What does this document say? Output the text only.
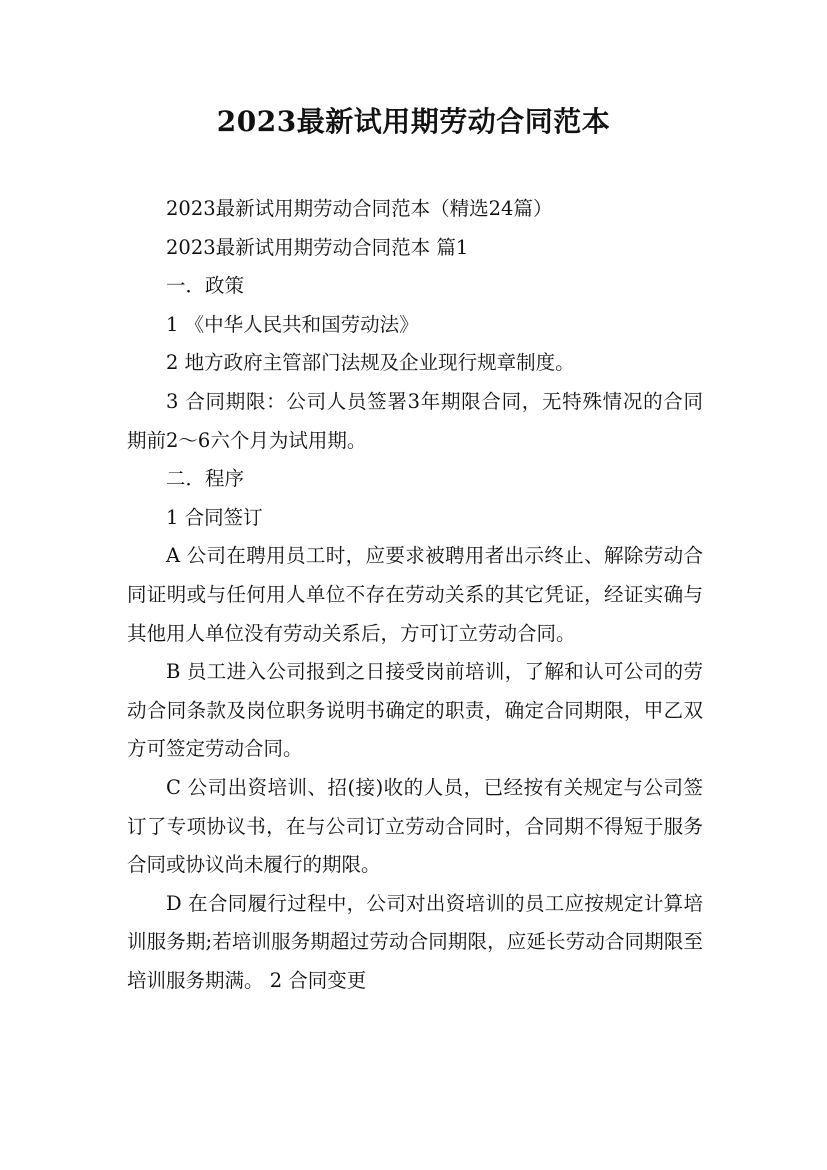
2023最新试用期劳动合同范本

2023最新试用期劳动合同范本（精选24篇）

2023最新试用期劳动合同范本 篇1

一．政策

1 《中华人民共和国劳动法》

2 地方政府主管部门法规及企业现行规章制度。

3 合同期限：公司人员签署3年期限合同，无特殊情况的合同期前2～6六个月为试用期。

二．程序

1 合同签订

A 公司在聘用员工时，应要求被聘用者出示终止、解除劳动合同证明或与任何用人单位不存在劳动关系的其它凭证，经证实确与其他用人单位没有劳动关系后，方可订立劳动合同。

B 员工进入公司报到之日接受岗前培训，了解和认可公司的劳动合同条款及岗位职务说明书确定的职责，确定合同期限，甲乙双方可签定劳动合同。

C 公司出资培训、招(接)收的人员，已经按有关规定与公司签订了专项协议书，在与公司订立劳动合同时，合同期不得短于服务合同或协议尚未履行的期限。

D 在合同履行过程中，公司对出资培训的员工应按规定计算培训服务期;若培训服务期超过劳动合同期限，应延长劳动合同期限至培训服务期满。 2 合同变更
